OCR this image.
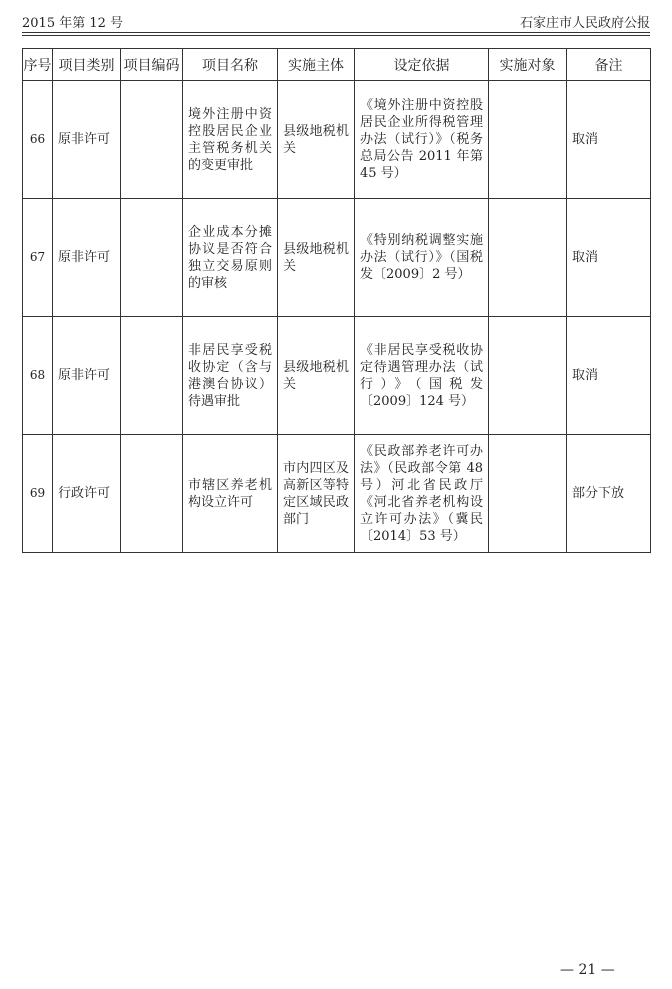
2015 年第 12 号	石家庄市人民政府公报
序号	项目类别	项目编码	项目名称	实施主体	设定依据	实施对象	备注
66	原非许可		境外注册中资控股居民企业主管税务机关的变更审批	县级地税机关	《境外注册中资控股居民企业所得税管理办法（试行）》（税务总局公告 2011 年第 45 号）		取消
67	原非许可		企业成本分摊协议是否符合独立交易原则的审核	县级地税机关	《特别纳税调整实施办法（试行）》（国税发〔2009〕2 号）		取消
68	原非许可		非居民享受税收协定（含与港澳台协议）待遇审批	县级地税机关	《非居民享受税收协定待遇管理办法（试行）》（国税发〔2009〕124 号）		取消
69	行政许可		市辖区养老机构设立许可	市内四区及高新区等特定区域民政部门	《民政部养老许可办法》（民政部令第 48 号）河北省民政厅《河北省养老机构设立许可办法》（冀民〔2014〕53 号）		部分下放
— 21 —
